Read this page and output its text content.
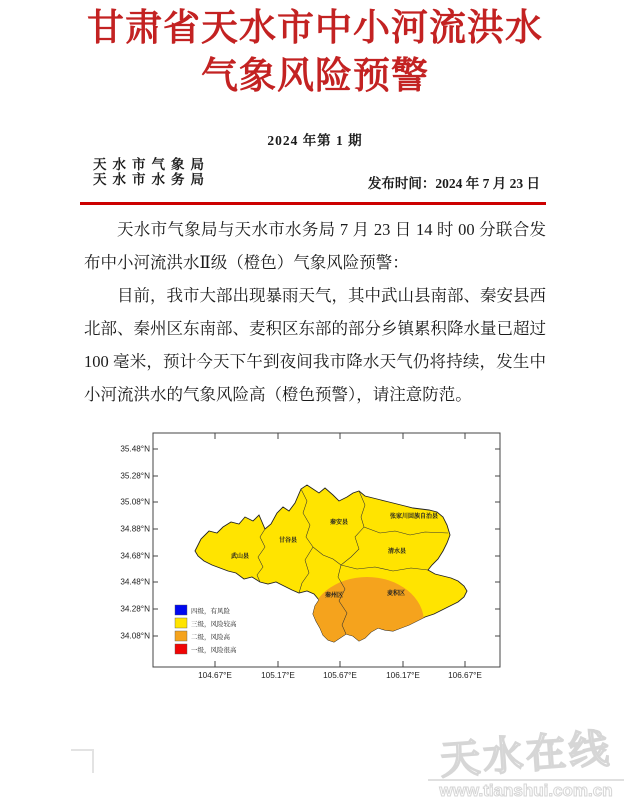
甘肃省天水市中小河流洪水
气象风险预警
2024 年第 1 期
天水市气象局
天水市水务局	发布时间：2024 年 7 月 23 日

天水市气象局与天水市水务局 7 月 23 日 14 时 00 分联合发布中小河流洪水Ⅱ级（橙色）气象风险预警：

目前，我市大部出现暴雨天气，其中武山县南部、秦安县西北部、秦州区东南部、麦积区东部的部分乡镇累积降水量已超过 100 毫米，预计今天下午到夜间我市降水天气仍将持续，发生中小河流洪水的气象风险高（橙色预警），请注意防范。

35.48°N
35.28°N
35.08°N
34.88°N
34.68°N
34.48°N
34.28°N
34.08°N
104.67°E	105.17°E	105.67°E	106.17°E	106.67°E
武山县
甘谷县
秦安县
张家川回族自治县
清水县
秦州区	麦积区
四级，有风险
三级，风险较高
二级，风险高
一级，风险很高
天水在线
www.tianshui.com.cn
